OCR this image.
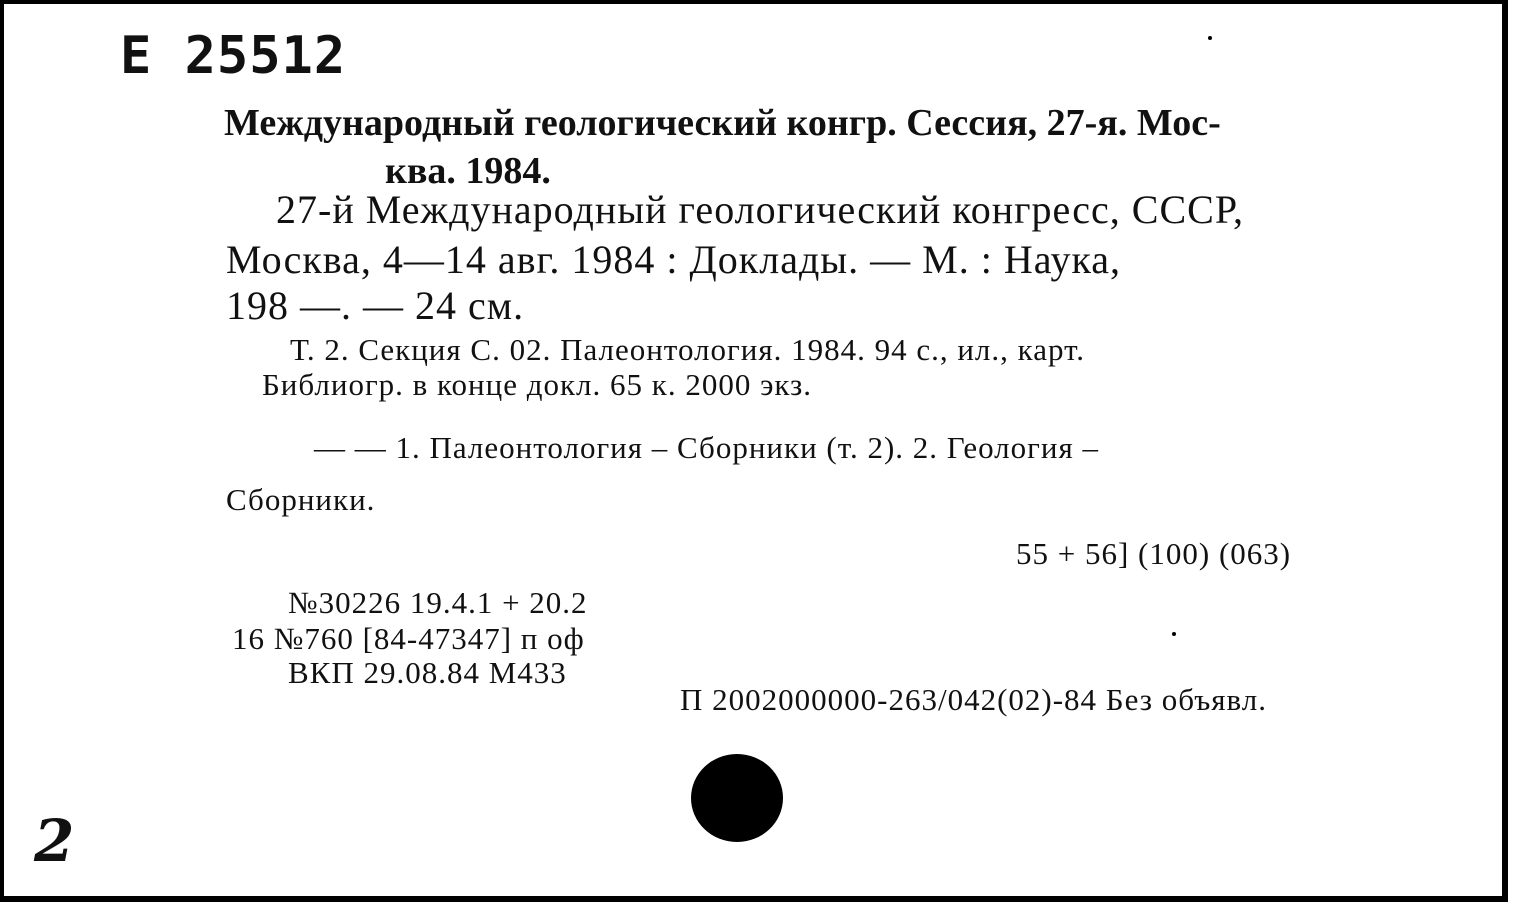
Е 25512
Международный геологический конгр. Сессия, 27-я. Мос-
ква. 1984.
27-й Международный геологический конгресс, СССР,
Москва, 4—14 авг. 1984 : Доклады. — М. : Наука,
198 —. — 24 см.
Т. 2. Секция С. 02. Палеонтология. 1984. 94 с., ил., карт.
Библиогр. в конце докл. 65 к. 2000 экз.
— — 1. Палеонтология – Сборники (т. 2). 2. Геология –
Сборники.
55 + 56] (100) (063)
№30226 19.4.1 + 20.2
16 №760 [84-47347] п оф
ВКП 29.08.84 М433
П 2002000000-263/042(02)-84 Без объявл.
2
